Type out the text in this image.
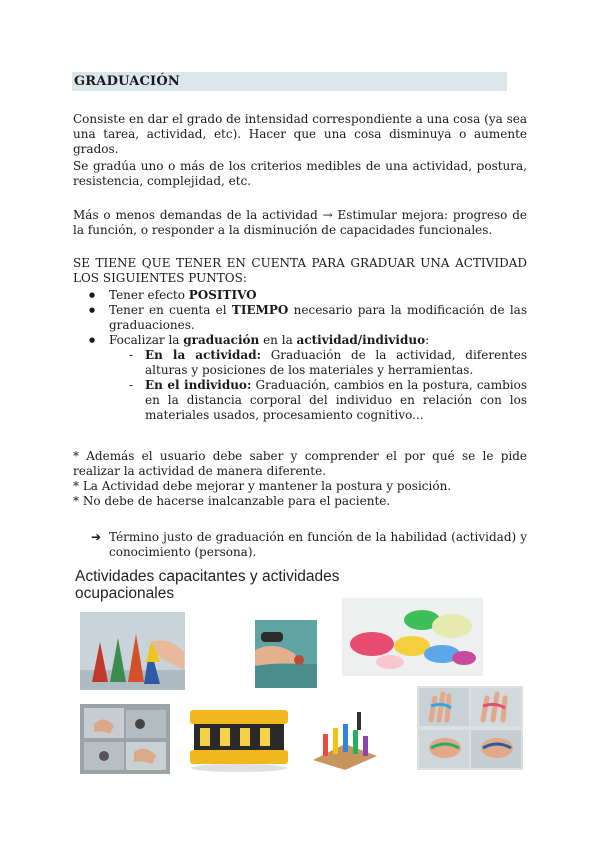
GRADUACIÓN

Consiste en dar el grado de intensidad correspondiente a una cosa (ya sea una tarea, actividad, etc). Hacer que una cosa disminuya o aumente grados.

Se gradúa uno o más de los criterios medibles de una actividad, postura, resistencia, complejidad, etc.

Más o menos demandas de la actividad → Estimular mejora: progreso de la función, o responder a la disminución de capacidades funcionales.

SE TIENE QUE TENER EN CUENTA PARA GRADUAR UNA ACTIVIDAD LOS SIGUIENTES PUNTOS:

● Tener efecto POSITIVO
● Tener en cuenta el TIEMPO necesario para la modificación de las graduaciones.
● Focalizar la graduación en la actividad/individuo:
- En la actividad: Graduación de la actividad, diferentes alturas y posiciones de los materiales y herramientas.
- En el individuo: Graduación, cambios en la postura, cambios en la distancia corporal del individuo en relación con los materiales usados, procesamiento cognitivo...

* Además el usuario debe saber y comprender el por qué se le pide realizar la actividad de manera diferente.

* La Actividad debe mejorar y mantener la postura y posición.

* No debe de hacerse inalcanzable para el paciente.

➔ Término justo de graduación en función de la habilidad (actividad) y conocimiento (persona).
Actividades capacitantes y actividades ocupacionales
